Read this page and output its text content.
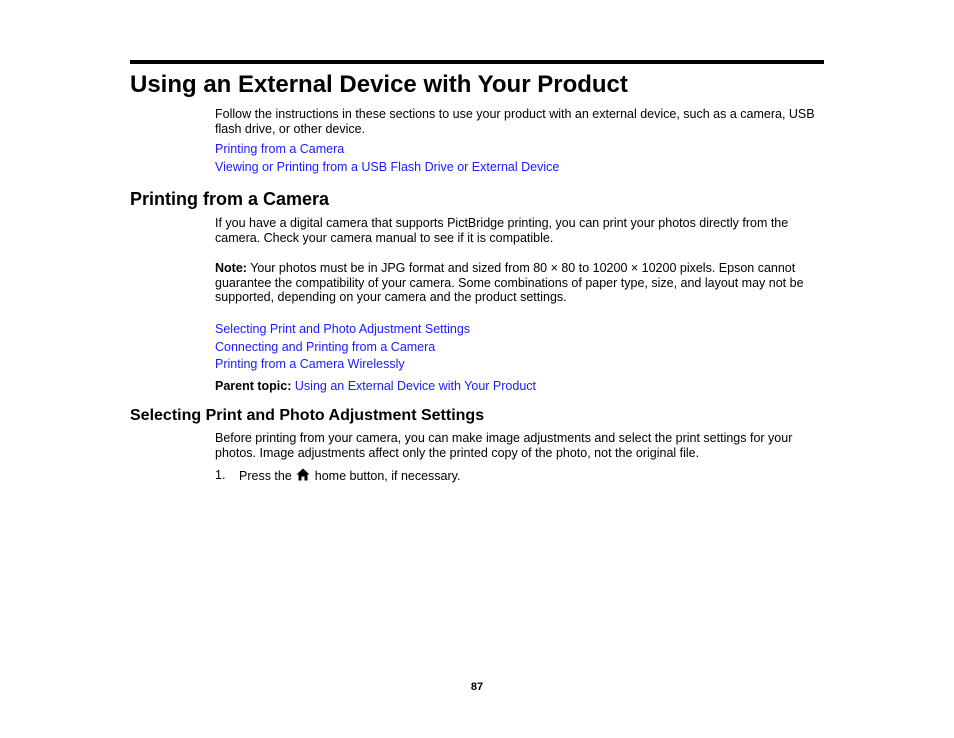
Using an External Device with Your Product

Follow the instructions in these sections to use your product with an external device, such as a camera, USB flash drive, or other device.

Printing from a Camera
Viewing or Printing from a USB Flash Drive or External Device
Printing from a Camera

If you have a digital camera that supports PictBridge printing, you can print your photos directly from the camera. Check your camera manual to see if it is compatible.

Note: Your photos must be in JPG format and sized from 80 × 80 to 10200 × 10200 pixels. Epson cannot guarantee the compatibility of your camera. Some combinations of paper type, size, and layout may not be supported, depending on your camera and the product settings.

Selecting Print and Photo Adjustment Settings
Connecting and Printing from a Camera
Printing from a Camera Wirelessly

Parent topic: Using an External Device with Your Product

Selecting Print and Photo Adjustment Settings

Before printing from your camera, you can make image adjustments and select the print settings for your photos. Image adjustments affect only the printed copy of the photo, not the original file.

1. Press the home button, if necessary.
87
